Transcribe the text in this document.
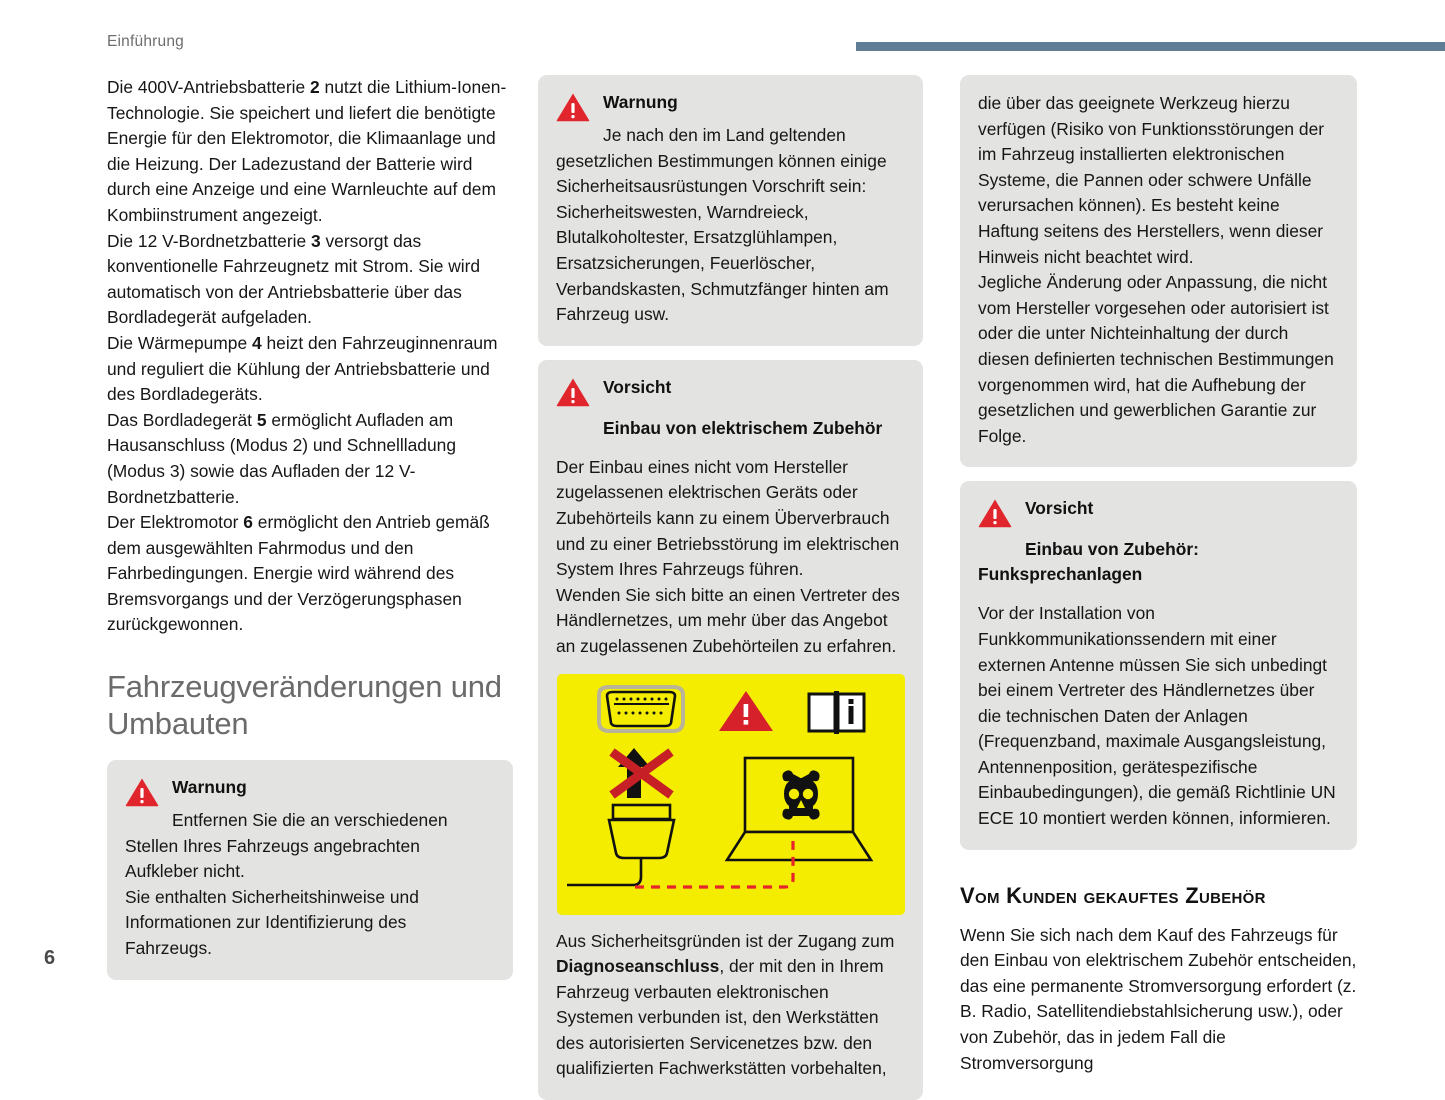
Einführung
6

Die 400V-Antriebsbatterie 2 nutzt die Lithium-Ionen-Technologie. Sie speichert und liefert die benötigte Energie für den Elektromotor, die Klimaanlage und die Heizung. Der Ladezustand der Batterie wird durch eine Anzeige und eine Warnleuchte auf dem Kombiinstrument angezeigt.

Die 12 V-Bordnetzbatterie 3 versorgt das konventionelle Fahrzeugnetz mit Strom. Sie wird automatisch von der Antriebsbatterie über das Bordladegerät aufgeladen.

Die Wärmepumpe 4 heizt den Fahrzeuginnenraum und reguliert die Kühlung der Antriebsbatterie und des Bordladegeräts.

Das Bordladegerät 5 ermöglicht Aufladen am Hausanschluss (Modus 2) und Schnellladung (Modus 3) sowie das Aufladen der 12 V-Bordnetzbatterie.

Der Elektromotor 6 ermöglicht den Antrieb gemäß dem ausgewählten Fahrmodus und den Fahrbedingungen. Energie wird während des Bremsvorgangs und der Verzögerungsphasen zurückgewonnen.

Fahrzeugveränderungen und Umbauten
Warnung

Entfernen Sie die an verschiedenen Stellen Ihres Fahrzeugs angebrachten Aufkleber nicht.
Sie enthalten Sicherheitshinweise und Informationen zur Identifizierung des Fahrzeugs.

Warnung

Je nach den im Land geltenden gesetzlichen Bestimmungen können einige Sicherheitsausrüstungen Vorschrift sein: Sicherheitswesten, Warndreieck, Blutalkoholtester, Ersatzglühlampen, Ersatzsicherungen, Feuerlöscher, Verbandskasten, Schmutzfänger hinten am Fahrzeug usw.

Vorsicht
Einbau von elektrischem Zubehör

Der Einbau eines nicht vom Hersteller zugelassenen elektrischen Geräts oder Zubehörteils kann zu einem Überverbrauch und zu einer Betriebsstörung im elektrischen System Ihres Fahrzeugs führen.
Wenden Sie sich bitte an einen Vertreter des Händlernetzes, um mehr über das Angebot an zugelassenen Zubehörteilen zu erfahren.

Aus Sicherheitsgründen ist der Zugang zum Diagnoseanschluss, der mit den in Ihrem Fahrzeug verbauten elektronischen Systemen verbunden ist, den Werkstätten des autorisierten Servicenetzes bzw. den qualifizierten Fachwerkstätten vorbehalten,

die über das geeignete Werkzeug hierzu verfügen (Risiko von Funktionsstörungen der im Fahrzeug installierten elektronischen Systeme, die Pannen oder schwere Unfälle verursachen können). Es besteht keine Haftung seitens des Herstellers, wenn dieser Hinweis nicht beachtet wird.
Jegliche Änderung oder Anpassung, die nicht vom Hersteller vorgesehen oder autorisiert ist oder die unter Nichteinhaltung der durch diesen definierten technischen Bestimmungen vorgenommen wird, hat die Aufhebung der gesetzlichen und gewerblichen Garantie zur Folge.

Vorsicht
Einbau von Zubehör:
Funksprechanlagen

Vor der Installation von Funkkommunikationssendern mit einer externen Antenne müssen Sie sich unbedingt bei einem Vertreter des Händlernetzes über die technischen Daten der Anlagen (Frequenzband, maximale Ausgangsleistung, Antennenposition, gerätespezifische Einbaubedingungen), die gemäß Richtlinie UN ECE 10 montiert werden können, informieren.

Vom Kunden gekauftes Zubehör

Wenn Sie sich nach dem Kauf des Fahrzeugs für den Einbau von elektrischem Zubehör entscheiden, das eine permanente Stromversorgung erfordert (z. B. Radio, Satellitendiebstahlsicherung usw.), oder von Zubehör, das in jedem Fall die Stromversorgung
